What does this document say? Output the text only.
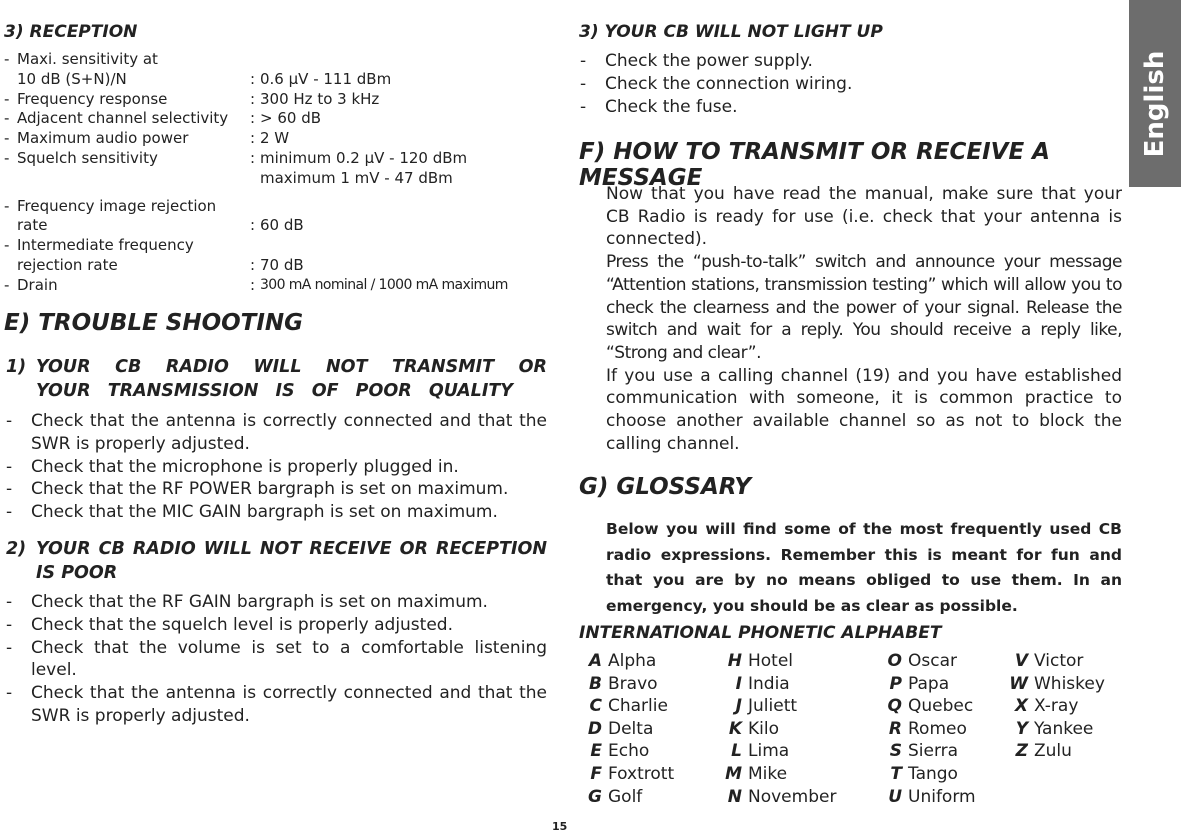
3) RECEPTION
- Maxi. sensitivity at
10 dB (S+N)/N	: 0.6 µV - 111 dBm
- Frequency response	: 300 Hz to 3 kHz
- Adjacent channel selectivity : > 60 dB
- Maximum audio power	: 2 W
- Squelch sensitivity	: minimum 0.2 µV - 120 dBm
maximum 1 mV - 47 dBm
- Frequency image rejection
rate	: 60 dB
- Intermediate frequency
rejection rate	: 70 dB
- Drain	: 300 mA nominal / 1000 mA maximum
E) TROUBLE SHOOTING
1) YOUR CB RADIO WILL NOT TRANSMIT OR YOUR TRANSMISSION IS OF POOR QUALITY
- Check that the antenna is correctly connected and that the SWR is properly adjusted.
- Check that the microphone is properly plugged in.
- Check that the RF POWER bargraph is set on maximum.
- Check that the MIC GAIN bargraph is set on maximum.
2) YOUR CB RADIO WILL NOT RECEIVE OR RECEPTION IS POOR
- Check that the RF GAIN bargraph is set on maximum.
- Check that the squelch level is properly adjusted.
- Check that the volume is set to a comfortable listening level.
- Check that the antenna is correctly connected and that the SWR is properly adjusted.
3) YOUR CB WILL NOT LIGHT UP
- Check the power supply.
- Check the connection wiring.
- Check the fuse.
F) HOW TO TRANSMIT OR RECEIVE A MESSAGE

Now that you have read the manual, make sure that your CB Radio is ready for use (i.e. check that your antenna is connected).

Press the “push-to-talk” switch and announce your message “Attention stations, transmission testing” which will allow you to check the clearness and the power of your signal. Release the switch and wait for a reply. You should receive a reply like, “Strong and clear”.

If you use a calling channel (19) and you have established communication with someone, it is common practice to choose another available channel so as not to block the calling channel.

G) GLOSSARY

Below you will find some of the most frequently used CB radio expressions. Remember this is meant for fun and that you are by no means obliged to use them. In an emergency, you should be as clear as possible.

INTERNATIONAL PHONETIC ALPHABET
A Alpha
B Bravo
C Charlie
D Delta
E Echo
F Foxtrott
G Golf
H Hotel
I India
J Juliett
K Kilo
L Lima
M Mike
N November
O Oscar
P Papa
Q Quebec
R Romeo
S Sierra
T Tango
U Uniform
V Victor
W Whiskey
X X-ray
Y Yankee
Z Zulu
English
15
